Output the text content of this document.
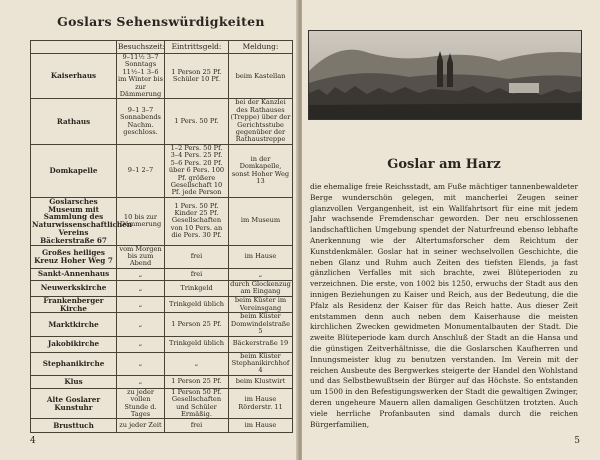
Goslars Sehenswürdigkeiten
	Besuchszeit:	Eintrittsgeld:	Meldung:
Kaiserhaus	9–11½ 3–7 Sonntags 11½–1 3–6 im Winter bis zur Dämmerung	1 Person 25 Pf. Schüler 10 Pf.	beim Kastellan
Rathaus	9–1 3–7 Sonnabends Nachm. geschloss.	1 Pers. 50 Pf.	bei der Kanzlei des Rathauses (Treppe) über der Gerichtsstube gegenüber der Rathaustreppe
Domkapelle	9–1 2–7	1–2 Pers. 50 Pf. 3–4 Pers. 25 Pf. 5–6 Pers. 20 Pf. über 6 Pers. 100 Pf. größere Gesellschaft 10 Pf. jede Person	in der Domkapelle, sonst Hoher Weg 13
Goslarsches Museum mit Sammlung des Naturwissenschaftlichen Vereins Bäckerstraße 67	10 bis zur Dämmerung	1 Pers. 50 Pf. Kinder 25 Pf. Gesellschaften von 10 Pers. an die Pers. 30 Pf.	im Museum
Großes heiliges Kreuz Hoher Weg 7	vom Morgen bis zum Abend	frei	im Hause
Sankt-Annenhaus	„	frei	„
Neuwerkskirche	„	Trinkgeld	durch Glockenzug am Eingang
Frankenberger Kirche	„	Trinkgeld üblich	beim Küster im Vereinsgang
Marktkirche	„	1 Person 25 Pf.	beim Küster Domwindelstraße 5
Jakobikirche	„	Trinkgeld üblich	Bäckerstraße 19
Stephanikirche	„	„	beim Küster Stephanikirchhof 4
Klus	„	1 Person 25 Pf.	beim Klustwirt
Alte Goslarer Kunstuhr	zu jeder vollen Stunde d. Tages	1 Person 50 Pf. Gesellschaften und Schüler Ermäßig.	im Hause Rörderstr. 11
Brusttuch	zu jeder Zeit	frei	im Hause
4
Goslar am Harz
die ehemalige freie Reichsstadt, am Fuße mächtiger tannenbewaldeter Berge wunderschön gelegen, mit mancherlei Zeugen seiner glanzvollen Vergangenheit, ist ein Wallfahrtsort für eine mit jedem Jahr wachsende Fremdenschar geworden. Der neu erschlossenen landschaftlichen Umgebung spendet der Naturfreund ebenso lebhafte Anerkennung wie der Altertumsforscher dem Reichtum der Kunstdenkmäler. Goslar hat in seiner wechselvollen Geschichte, die neben Glanz und Ruhm auch Zeiten des tiefsten Elends, ja fast gänzlichen Verfalles mit sich brachte, zwei Blüteperioden zu verzeichnen. Die erste, von 1002 bis 1250, erwuchs der Stadt aus den innigen Beziehungen zu Kaiser und Reich, aus der Bedeutung, die die Pfalz als Residenz der Kaiser für das Reich hatte. Aus dieser Zeit entstammen denn auch neben dem Kaiserhause die meisten kirchlichen Zwecken gewidmeten Monumentalbauten der Stadt. Die zweite Blüteperiode kam durch Anschluß der Stadt an die Hansa und die günstigen Zeitverhältnisse, die die Goslarschen Kaufherren und Innungsmeister klug zu benutzen verstanden. Im Verein mit der reichen Ausbeute des Bergwerkes steigerte der Handel den Wohlstand und das Selbstbewußtsein der Bürger auf das Höchste. So entstanden um 1500 in den Befestigungswerken der Stadt die gewaltigen Zwinger, deren ungeheure Mauern allen damaligen Geschützen trotzten. Auch viele herrliche Profanbauten sind damals durch die reichen Bürgerfamilien,
5
